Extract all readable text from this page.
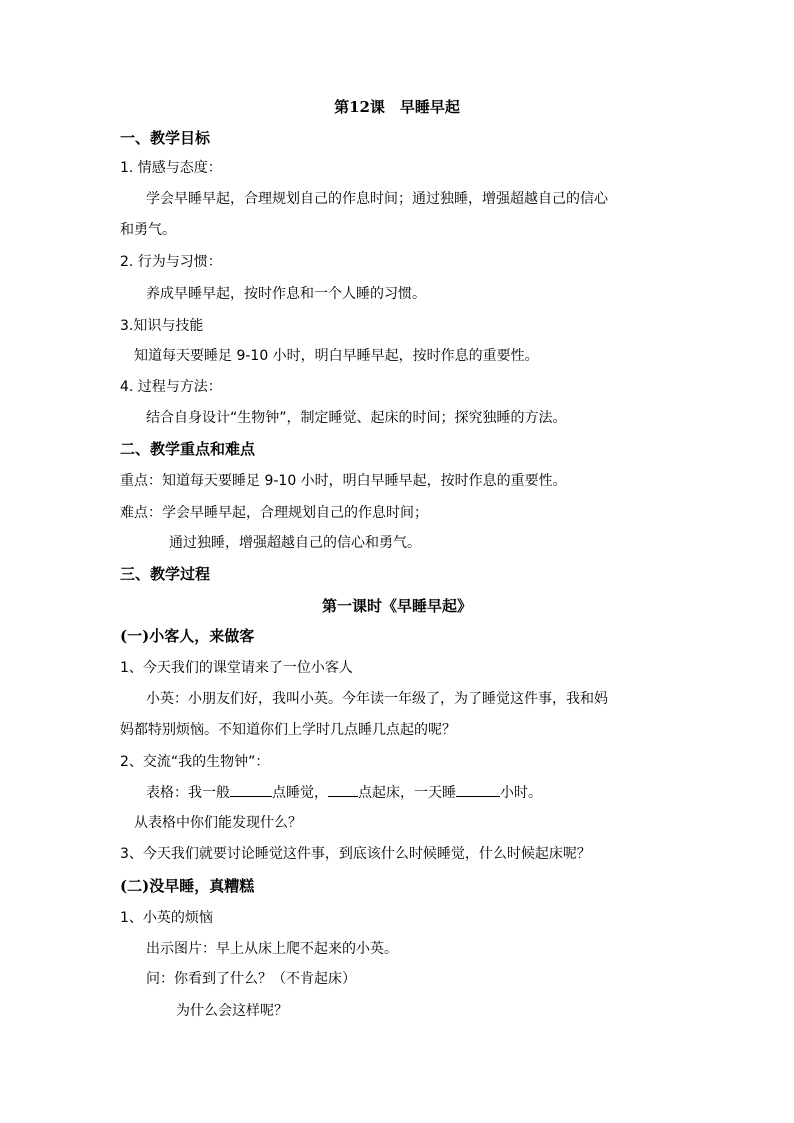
第12课　早睡早起
一、教学目标
1. 情感与态度：
学会早睡早起，合理规划自己的作息时间；通过独睡，增强超越自己的信心
和勇气。
2. 行为与习惯：
养成早睡早起，按时作息和一个人睡的习惯。
3.知识与技能
知道每天要睡足 9-10 小时，明白早睡早起，按时作息的重要性。
4. 过程与方法：
结合自身设计“生物钟”，制定睡觉、起床的时间；探究独睡的方法。
二、教学重点和难点
重点：知道每天要睡足 9-10 小时，明白早睡早起，按时作息的重要性。
难点：学会早睡早起，合理规划自己的作息时间；
通过独睡，增强超越自己的信心和勇气。
三、教学过程
第一课时《早睡早起》
(一)小客人，来做客
1、今天我们的课堂请来了一位小客人
小英：小朋友们好，我叫小英。今年读一年级了，为了睡觉这件事，我和妈
妈都特别烦恼。不知道你们上学时几点睡几点起的呢？
2、交流“我的生物钟”：
表格：我一般	点睡觉， 点起床，一天睡	小时。
从表格中你们能发现什么？
3、今天我们就要讨论睡觉这件事，到底该什么时候睡觉，什么时候起床呢？
(二)没早睡，真糟糕
1、小英的烦恼
出示图片：早上从床上爬不起来的小英。
问：你看到了什么？（不肯起床）
为什么会这样呢？
